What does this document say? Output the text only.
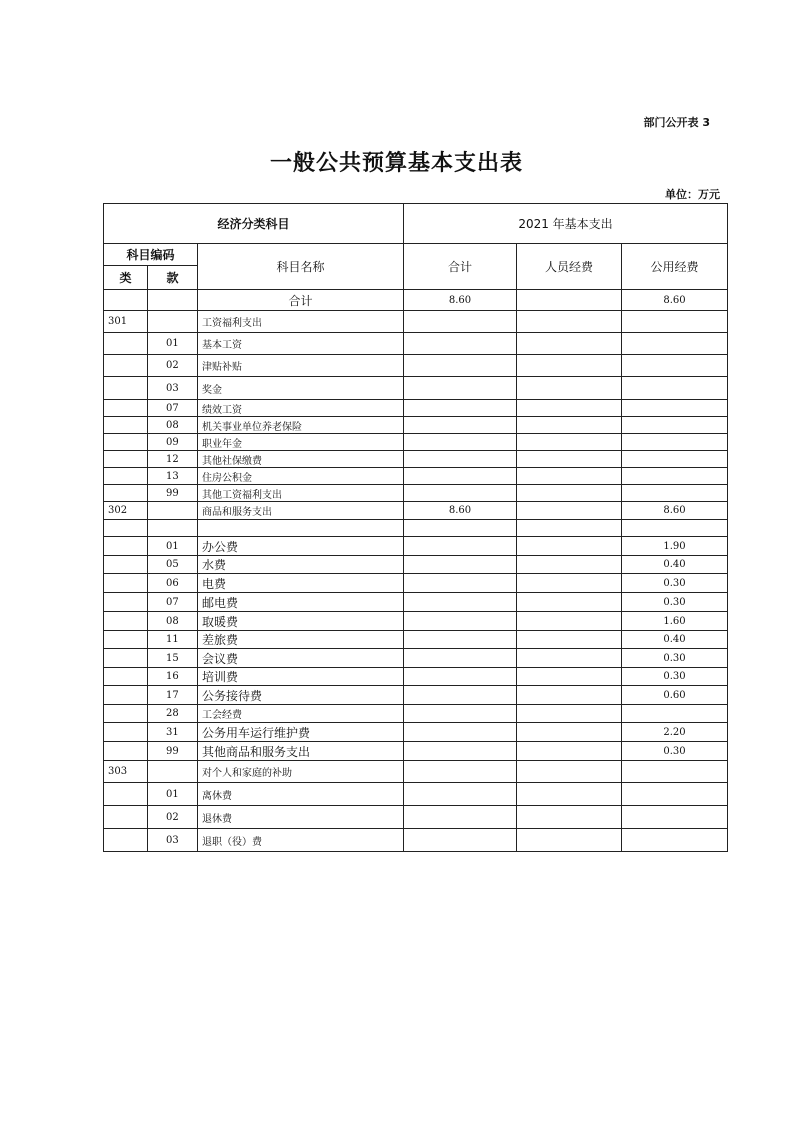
部门公开表 3
一般公共预算基本支出表
单位：万元
经济分类科目			2021 年基本支出		
科目编码		科目名称	合计	人员经费	公用经费
类	款				
		合计	8.60		8.60
301		工资福利支出			
	01	基本工资			
	02	津贴补贴			
	03	奖金			
	07	绩效工资			
	08	机关事业单位养老保险			
	09	职业年金			
	12	其他社保缴费			
	13	住房公积金			
	99	其他工资福利支出			
302		商品和服务支出	8.60		8.60

	01	办公费			1.90
	05	水费			0.40
	06	电费			0.30
	07	邮电费			0.30
	08	取暖费			1.60
	11	差旅费			0.40
	15	会议费			0.30
	16	培训费			0.30
	17	公务接待费			0.60
	28	工会经费			
	31	公务用车运行维护费			2.20
	99	其他商品和服务支出			0.30
303		对个人和家庭的补助			
	01	离休费			
	02	退休费			
	03	退职（役）费			
